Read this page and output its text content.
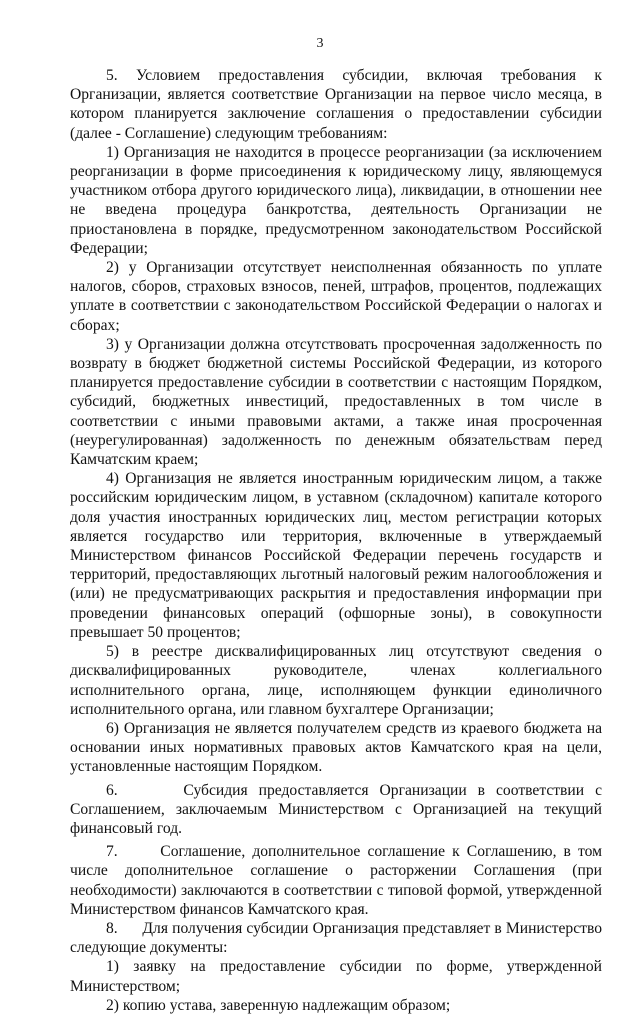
3

5. Условием предоставления субсидии, включая требования к Организации, является соответствие Организации на первое число месяца, в котором планируется заключение соглашения о предоставлении субсидии (далее - Соглашение) следующим требованиям:

1) Организация не находится в процессе реорганизации (за исключением реорганизации в форме присоединения к юридическому лицу, являющемуся участником отбора другого юридического лица), ликвидации, в отношении нее не введена процедура банкротства, деятельность Организации не приостановлена в порядке, предусмотренном законодательством Российской Федерации;

2) у Организации отсутствует неисполненная обязанность по уплате налогов, сборов, страховых взносов, пеней, штрафов, процентов, подлежащих уплате в соответствии с законодательством Российской Федерации о налогах и сборах;

3) у Организации должна отсутствовать просроченная задолженность по возврату в бюджет бюджетной системы Российской Федерации, из которого планируется предоставление субсидии в соответствии с настоящим Порядком, субсидий, бюджетных инвестиций, предоставленных в том числе в соответствии с иными правовыми актами, а также иная просроченная (неурегулированная) задолженность по денежным обязательствам перед Камчатским краем;

4) Организация не является иностранным юридическим лицом, а также российским юридическим лицом, в уставном (складочном) капитале которого доля участия иностранных юридических лиц, местом регистрации которых является государство или территория, включенные в утверждаемый Министерством финансов Российской Федерации перечень государств и территорий, предоставляющих льготный налоговый режим налогообложения и (или) не предусматривающих раскрытия и предоставления информации при проведении финансовых операций (офшорные зоны), в совокупности превышает 50 процентов;

5) в реестре дисквалифицированных лиц отсутствуют сведения о дисквалифицированных руководителе, членах коллегиального исполнительного органа, лице, исполняющем функции единоличного исполнительного органа, или главном бухгалтере Организации;

6) Организация не является получателем средств из краевого бюджета на основании иных нормативных правовых актов Камчатского края на цели, установленные настоящим Порядком.

6.      Субсидия предоставляется Организации в соответствии с Соглашением, заключаемым Министерством с Организацией на текущий финансовый год.

7.      Соглашение, дополнительное соглашение к Соглашению, в том числе дополнительное соглашение о расторжении Соглашения (при необходимости) заключаются в соответствии с типовой формой, утвержденной Министерством финансов Камчатского края.

8.      Для получения субсидии Организация представляет в Министерство следующие документы:

1) заявку на предоставление субсидии по форме, утвержденной Министерством;

2) копию устава, заверенную надлежащим образом;
